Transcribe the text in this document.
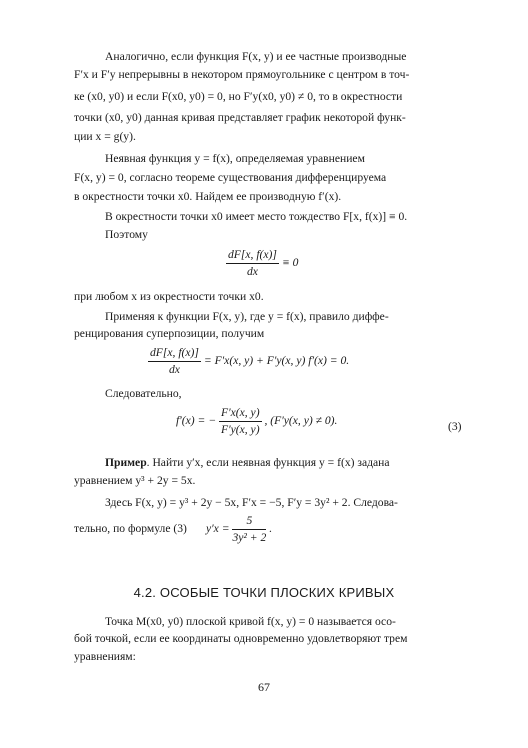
Аналогично, если функция F(x, y) и ее частные производные
F′x и F′y непрерывны в некотором прямоугольнике с центром в точ-
ке (x0, y0) и если F(x0, y0) = 0, но F′y(x0, y0) ≠ 0, то в окрестности
точки (x0, y0) данная кривая представляет график некоторой функ-
ции x = g(y).
Неявная функция y = f(x), определяемая уравнением
F(x, y) = 0, согласно теореме существования дифференцируема
в окрестности точки x0. Найдем ее производную f′(x).
В окрестности точки x0 имеет место тождество F[x, f(x)] ≡ 0.
Поэтому
$\frac{dF[x, f(x)]}{dx} \equiv 0$
при любом x из окрестности точки x0.
Применяя к функции F(x, y), где y = f(x), правило диффе-
ренцирования суперпозиции, получим
$\frac{dF[x, f(x)]}{dx} = F'x(x$, y) + F′y(x, y) f′(x) = 0.
Следовательно,
f′(x) = − $\frac{F'x(x, y)}{F'y(x, y)}$ , (F′y(x, y) ≠ 0).	(3)
Пример. Найти y′x, если неявная функция y = f(x) задана
уравнением y³ + 2y = 5x.
Здесь F(x, y) = y³ + 2y − 5x, F′x = −5, F′y = 3y² + 2. Следова-
тельно, по формуле (3)	$y'x = \frac{5}{\text{3y² + 2}}$ .
4.2. ОСОБЫЕ ТОЧКИ ПЛОСКИХ КРИВЫХ
Точка M(x0, y0) плоской кривой f(x, y) = 0 называется осо-
бой точкой, если ее координаты одновременно удовлетворяют трем
уравнениям:
67
